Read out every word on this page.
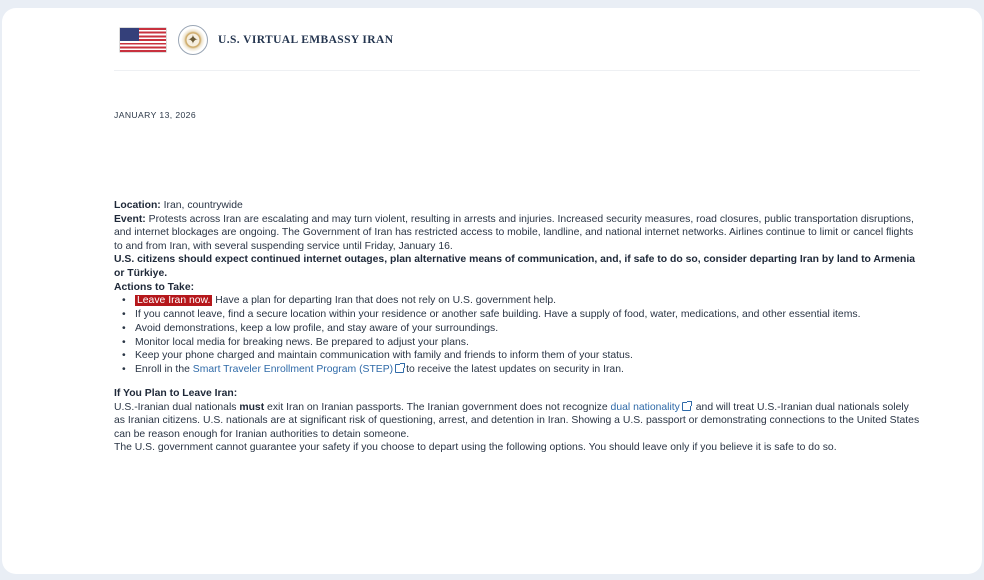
✦	U.S. VIRTUAL EMBASSY IRAN
JANUARY 13, 2026

Location: Iran, countrywide

Event: Protests across Iran are escalating and may turn violent, resulting in arrests and injuries. Increased security measures, road closures, public transportation disruptions, and internet blockages are ongoing. The Government of Iran has restricted access to mobile, landline, and national internet networks. Airlines continue to limit or cancel flights to and from Iran, with several suspending service until Friday, January 16.

U.S. citizens should expect continued internet outages, plan alternative means of communication, and, if safe to do so, consider departing Iran by land to Armenia or Türkiye.

Actions to Take:

• Leave Iran now. Have a plan for departing Iran that does not rely on U.S. government help.
• If you cannot leave, find a secure location within your residence or another safe building. Have a supply of food, water, medications, and other essential items.
• Avoid demonstrations, keep a low profile, and stay aware of your surroundings.
• Monitor local media for breaking news. Be prepared to adjust your plans.
• Keep your phone charged and maintain communication with family and friends to inform them of your status.
• Enroll in the Smart Traveler Enrollment Program (STEP) to receive the latest updates on security in Iran.

If You Plan to Leave Iran:

U.S.-Iranian dual nationals must exit Iran on Iranian passports. The Iranian government does not recognize dual nationality and will treat U.S.-Iranian dual nationals solely as Iranian citizens. U.S. nationals are at significant risk of questioning, arrest, and detention in Iran. Showing a U.S. passport or demonstrating connections to the United States can be reason enough for Iranian authorities to detain someone.

The U.S. government cannot guarantee your safety if you choose to depart using the following options. You should leave only if you believe it is safe to do so.
